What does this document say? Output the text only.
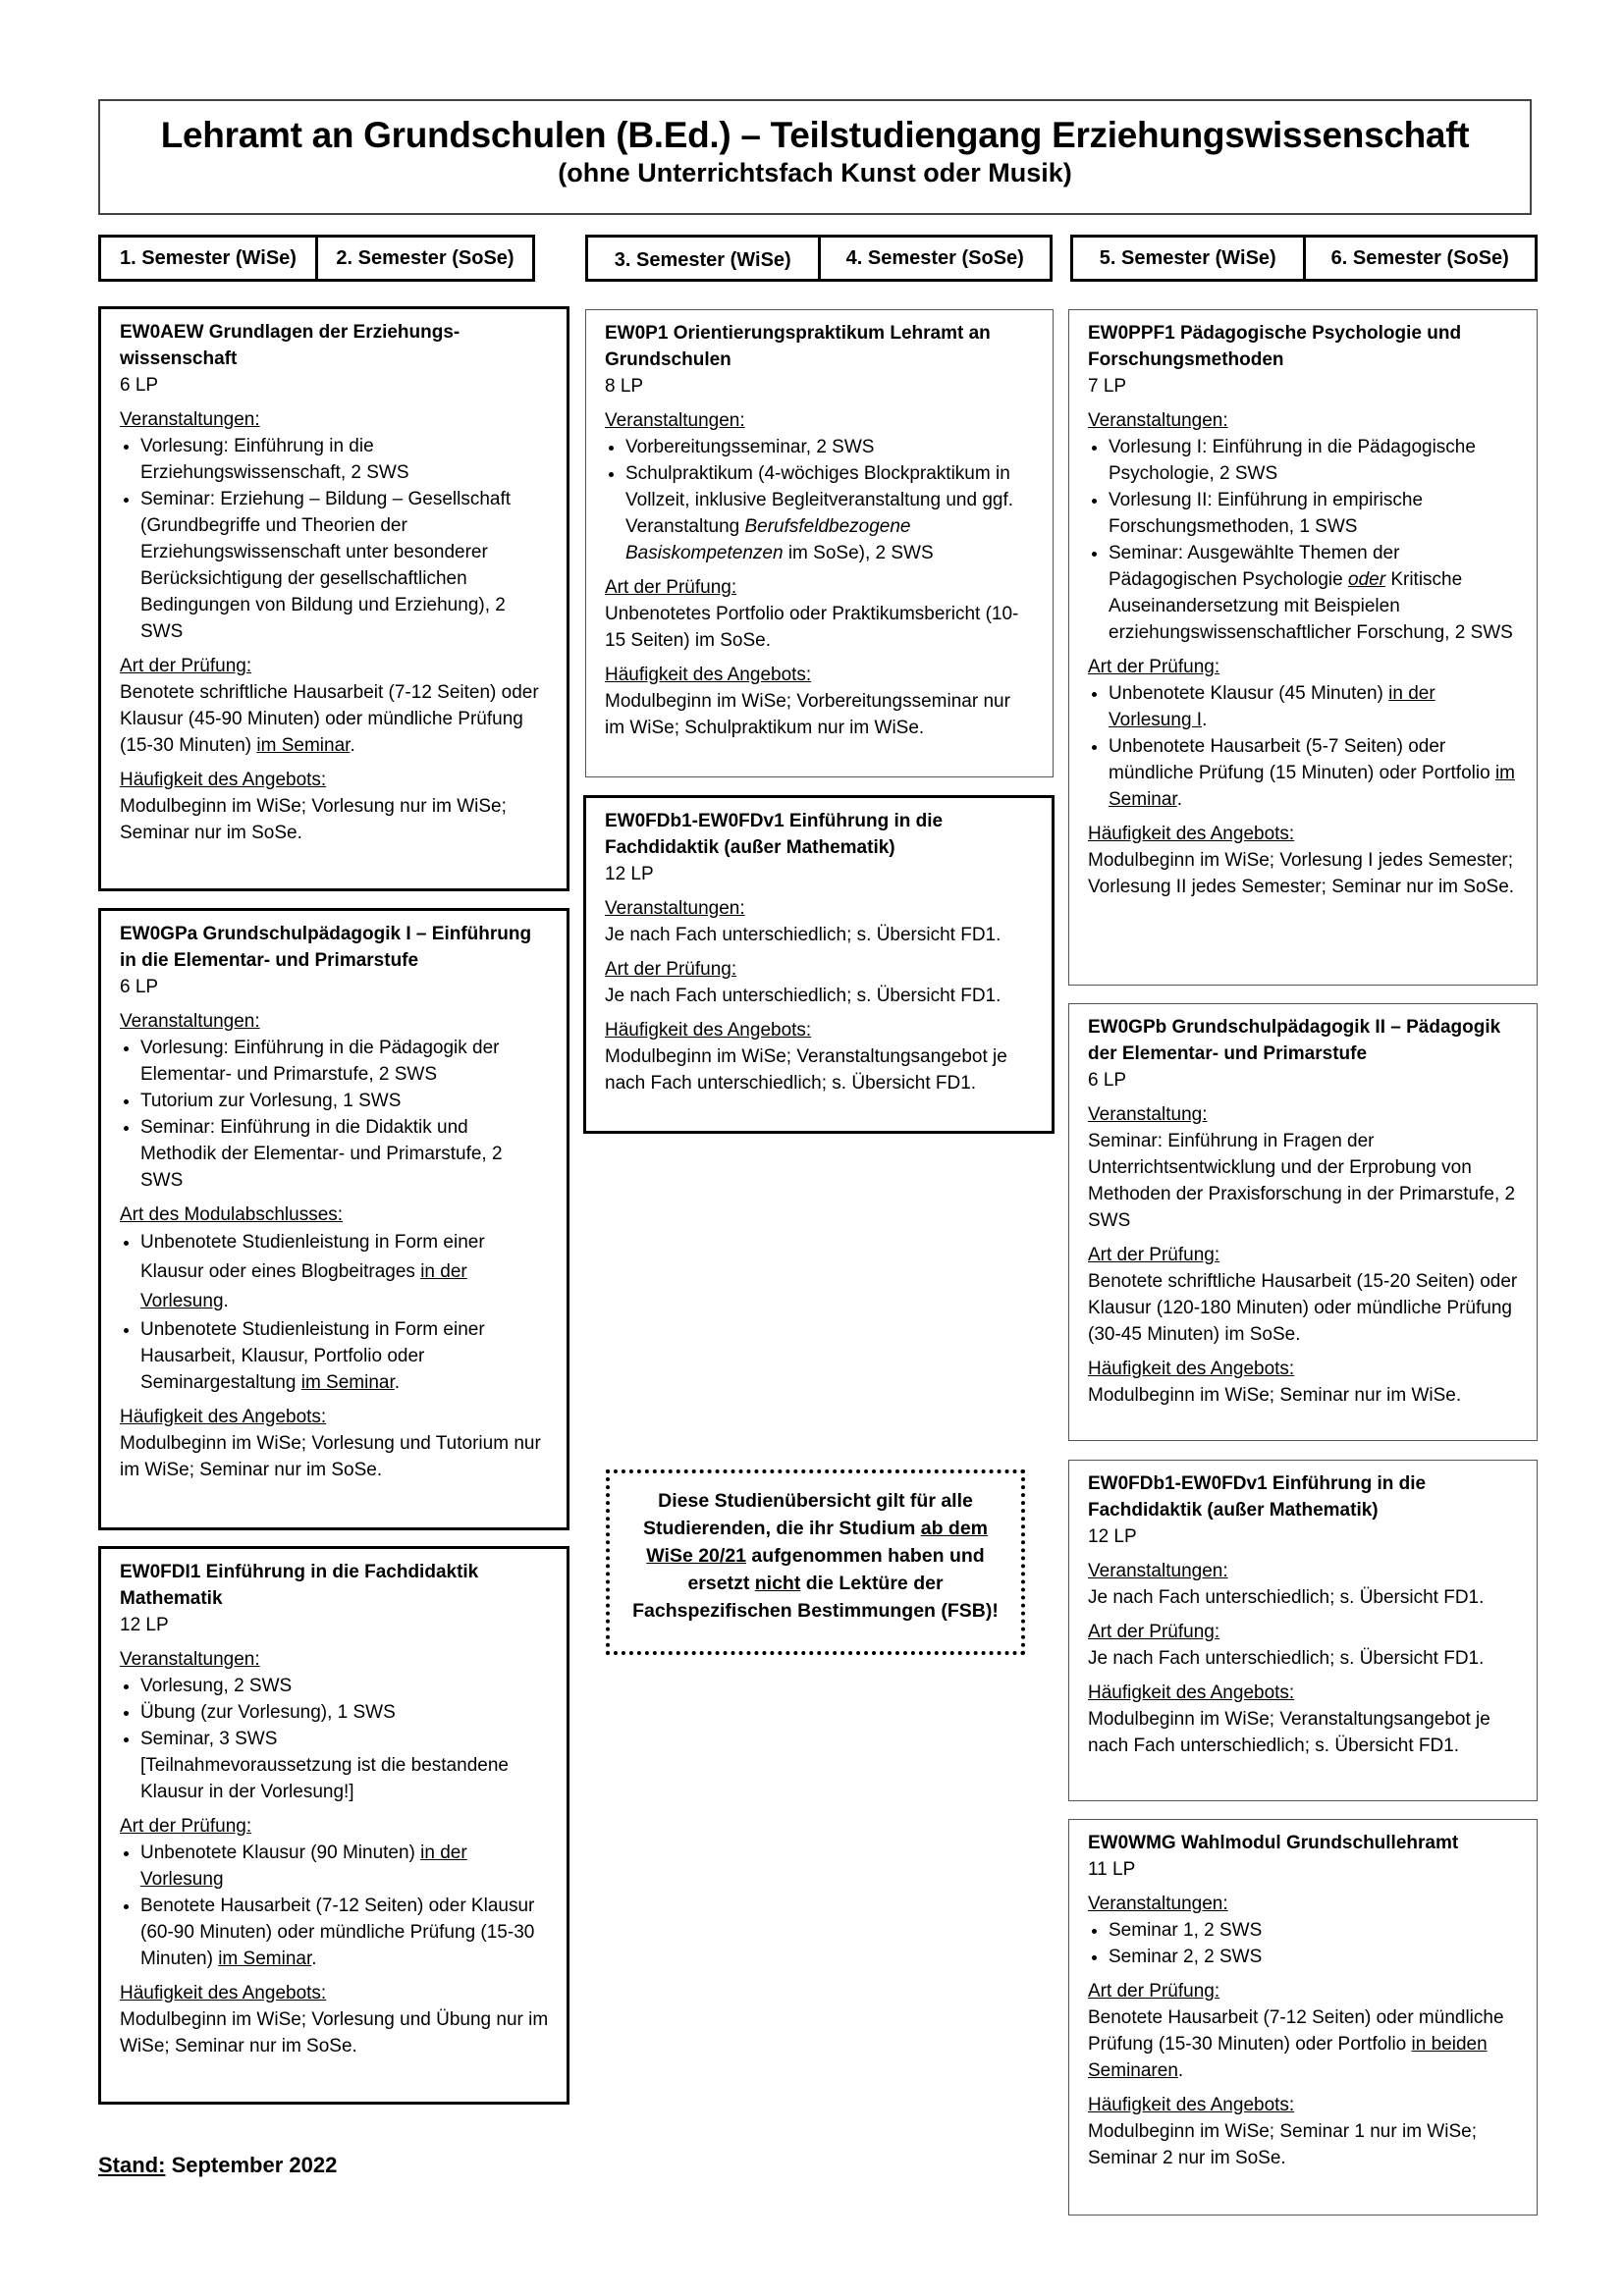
Lehramt an Grundschulen (B.Ed.) – Teilstudiengang Erziehungswissenschaft
(ohne Unterrichtsfach Kunst oder Musik)
1. Semester (WiSe)	2. Semester (SoSe)	3. Semester (WiSe)	4. Semester (SoSe)	5. Semester (WiSe)	6. Semester (SoSe)
EW0AEW Grundlagen der Erziehungs-wissenschaft
6 LP
Veranstaltungen:
• Vorlesung: Einführung in die Erziehungswissenschaft, 2 SWS
• Seminar: Erziehung – Bildung – Gesellschaft (Grundbegriffe und Theorien der Erziehungswissenschaft unter besonderer Berücksichtigung der gesellschaftlichen Bedingungen von Bildung und Erziehung), 2 SWS
Art der Prüfung:
Benotete schriftliche Hausarbeit (7-12 Seiten) oder Klausur (45-90 Minuten) oder mündliche Prüfung (15-30 Minuten) im Seminar.
Häufigkeit des Angebots:
Modulbeginn im WiSe; Vorlesung nur im WiSe; Seminar nur im SoSe.
EW0GPa Grundschulpädagogik I – Einführung in die Elementar- und Primarstufe
6 LP
Veranstaltungen:
• Vorlesung: Einführung in die Pädagogik der Elementar- und Primarstufe, 2 SWS
• Tutorium zur Vorlesung, 1 SWS
• Seminar: Einführung in die Didaktik und Methodik der Elementar- und Primarstufe, 2 SWS
Art des Modulabschlusses:
• Unbenotete Studienleistung in Form einer Klausur oder eines Blogbeitrages in der Vorlesung.
• Unbenotete Studienleistung in Form einer Hausarbeit, Klausur, Portfolio oder Seminargestaltung im Seminar.
Häufigkeit des Angebots:
Modulbeginn im WiSe; Vorlesung und Tutorium nur im WiSe; Seminar nur im SoSe.
EW0FDI1 Einführung in die Fachdidaktik Mathematik
12 LP
Veranstaltungen:
• Vorlesung, 2 SWS
• Übung (zur Vorlesung), 1 SWS
• Seminar, 3 SWS
[Teilnahmevoraussetzung ist die bestandene Klausur in der Vorlesung!]
Art der Prüfung:
• Unbenotete Klausur (90 Minuten) in der Vorlesung
• Benotete Hausarbeit (7-12 Seiten) oder Klausur (60-90 Minuten) oder mündliche Prüfung (15-30 Minuten) im Seminar.
Häufigkeit des Angebots:
Modulbeginn im WiSe; Vorlesung und Übung nur im WiSe; Seminar nur im SoSe.
EW0P1 Orientierungspraktikum Lehramt an Grundschulen
8 LP
Veranstaltungen:
• Vorbereitungsseminar, 2 SWS
• Schulpraktikum (4-wöchiges Blockpraktikum in Vollzeit, inklusive Begleitveranstaltung und ggf. Veranstaltung Berufsfeldbezogene Basiskompetenzen im SoSe), 2 SWS
Art der Prüfung:
Unbenotetes Portfolio oder Praktikumsbericht (10-15 Seiten) im SoSe.
Häufigkeit des Angebots:
Modulbeginn im WiSe; Vorbereitungsseminar nur im WiSe; Schulpraktikum nur im WiSe.
EW0FDb1-EW0FDv1 Einführung in die Fachdidaktik (außer Mathematik)
12 LP
Veranstaltungen:
Je nach Fach unterschiedlich; s. Übersicht FD1.
Art der Prüfung:
Je nach Fach unterschiedlich; s. Übersicht FD1.
Häufigkeit des Angebots:
Modulbeginn im WiSe; Veranstaltungsangebot je nach Fach unterschiedlich; s. Übersicht FD1.
Diese Studienübersicht gilt für alle Studierenden, die ihr Studium ab dem WiSe 20/21 aufgenommen haben und ersetzt nicht die Lektüre der Fachspezifischen Bestimmungen (FSB)!
EW0PPF1 Pädagogische Psychologie und Forschungsmethoden
7 LP
Veranstaltungen:
• Vorlesung I: Einführung in die Pädagogische Psychologie, 2 SWS
• Vorlesung II: Einführung in empirische Forschungsmethoden, 1 SWS
• Seminar: Ausgewählte Themen der Pädagogischen Psychologie oder Kritische Auseinandersetzung mit Beispielen erziehungswissenschaftlicher Forschung, 2 SWS
Art der Prüfung:
• Unbenotete Klausur (45 Minuten) in der Vorlesung I.
• Unbenotete Hausarbeit (5-7 Seiten) oder mündliche Prüfung (15 Minuten) oder Portfolio im Seminar.
Häufigkeit des Angebots:
Modulbeginn im WiSe; Vorlesung I jedes Semester; Vorlesung II jedes Semester; Seminar nur im SoSe.
EW0GPb Grundschulpädagogik II – Pädagogik der Elementar- und Primarstufe
6 LP
Veranstaltung:
Seminar: Einführung in Fragen der Unterrichtsentwicklung und der Erprobung von Methoden der Praxisforschung in der Primarstufe, 2 SWS
Art der Prüfung:
Benotete schriftliche Hausarbeit (15-20 Seiten) oder Klausur (120-180 Minuten) oder mündliche Prüfung (30-45 Minuten) im SoSe.
Häufigkeit des Angebots:
Modulbeginn im WiSe; Seminar nur im WiSe.
EW0FDb1-EW0FDv1 Einführung in die Fachdidaktik (außer Mathematik)
12 LP
Veranstaltungen:
Je nach Fach unterschiedlich; s. Übersicht FD1.
Art der Prüfung:
Je nach Fach unterschiedlich; s. Übersicht FD1.
Häufigkeit des Angebots:
Modulbeginn im WiSe; Veranstaltungsangebot je nach Fach unterschiedlich; s. Übersicht FD1.
EW0WMG Wahlmodul Grundschullehramt
11 LP
Veranstaltungen:
• Seminar 1, 2 SWS
• Seminar 2, 2 SWS
Art der Prüfung:
Benotete Hausarbeit (7-12 Seiten) oder mündliche Prüfung (15-30 Minuten) oder Portfolio in beiden Seminaren.
Häufigkeit des Angebots:
Modulbeginn im WiSe; Seminar 1 nur im WiSe; Seminar 2 nur im SoSe.
Stand: September 2022
